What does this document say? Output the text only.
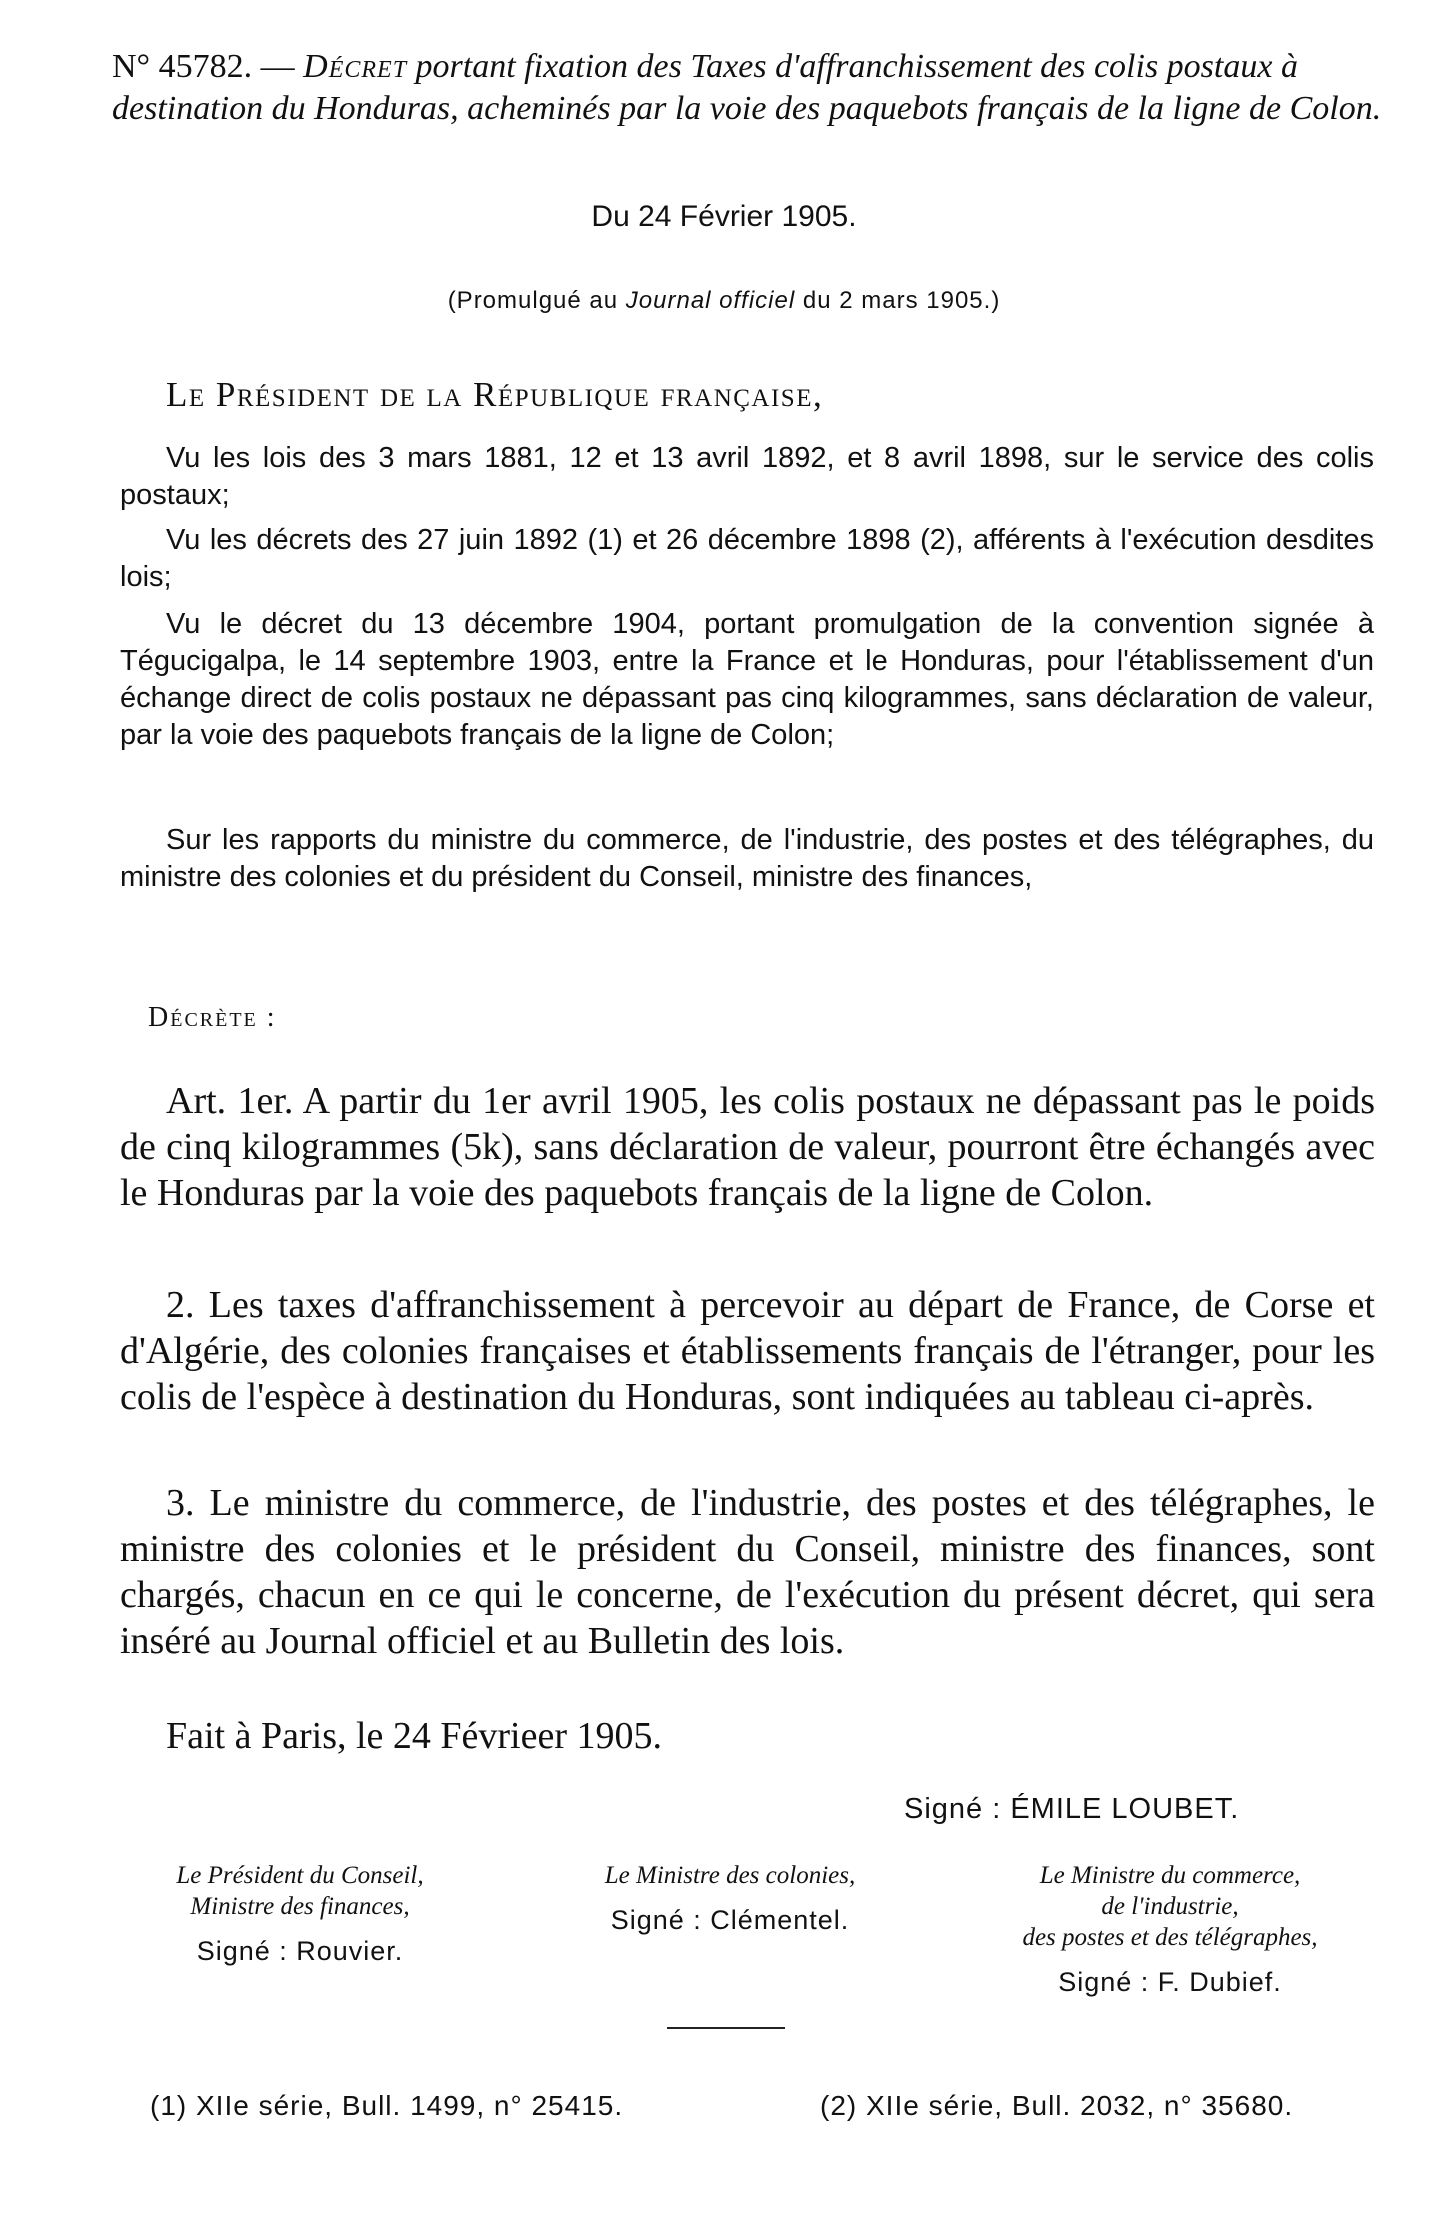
N° 45782. — Décret portant fixation des Taxes d'affranchissement des colis postaux à destination du Honduras, acheminés par la voie des paquebots français de la ligne de Colon.
Du 24 Février 1905.
(Promulgué au Journal officiel du 2 mars 1905.)
Le Président de la République française,
Vu les lois des 3 mars 1881, 12 et 13 avril 1892, et 8 avril 1898, sur le service des colis postaux;
Vu les décrets des 27 juin 1892 (1) et 26 décembre 1898 (2), afférents à l'exécution desdites lois;
Vu le décret du 13 décembre 1904, portant promulgation de la convention signée à Tégucigalpa, le 14 septembre 1903, entre la France et le Honduras, pour l'établissement d'un échange direct de colis postaux ne dépassant pas cinq kilogrammes, sans déclaration de valeur, par la voie des paquebots français de la ligne de Colon;
Sur les rapports du ministre du commerce, de l'industrie, des postes et des télégraphes, du ministre des colonies et du président du Conseil, ministre des finances,
Décrète :
Art. 1er. A partir du 1er avril 1905, les colis postaux ne dépassant pas le poids de cinq kilogrammes (5k), sans déclaration de valeur, pourront être échangés avec le Honduras par la voie des paquebots français de la ligne de Colon.
2. Les taxes d'affranchissement à percevoir au départ de France, de Corse et d'Algérie, des colonies françaises et établissements français de l'étranger, pour les colis de l'espèce à destination du Honduras, sont indiquées au tableau ci-après.
3. Le ministre du commerce, de l'industrie, des postes et des télégraphes, le ministre des colonies et le président du Conseil, ministre des finances, sont chargés, chacun en ce qui le concerne, de l'exécution du présent décret, qui sera inséré au Journal officiel et au Bulletin des lois.
Fait à Paris, le 24 Févrieer 1905.
Signé : ÉMILE LOUBET.
Le Président du Conseil,
Ministre des finances,
Signé : Rouvier.
Le Ministre des colonies,
Signé : Clémentel.
Le Ministre du commerce,
de l'industrie,
des postes et des télégraphes,
Signé : F. Dubief.
(1) XIIe série, Bull. 1499, n° 25415.	(2) XIIe série, Bull. 2032, n° 35680.
